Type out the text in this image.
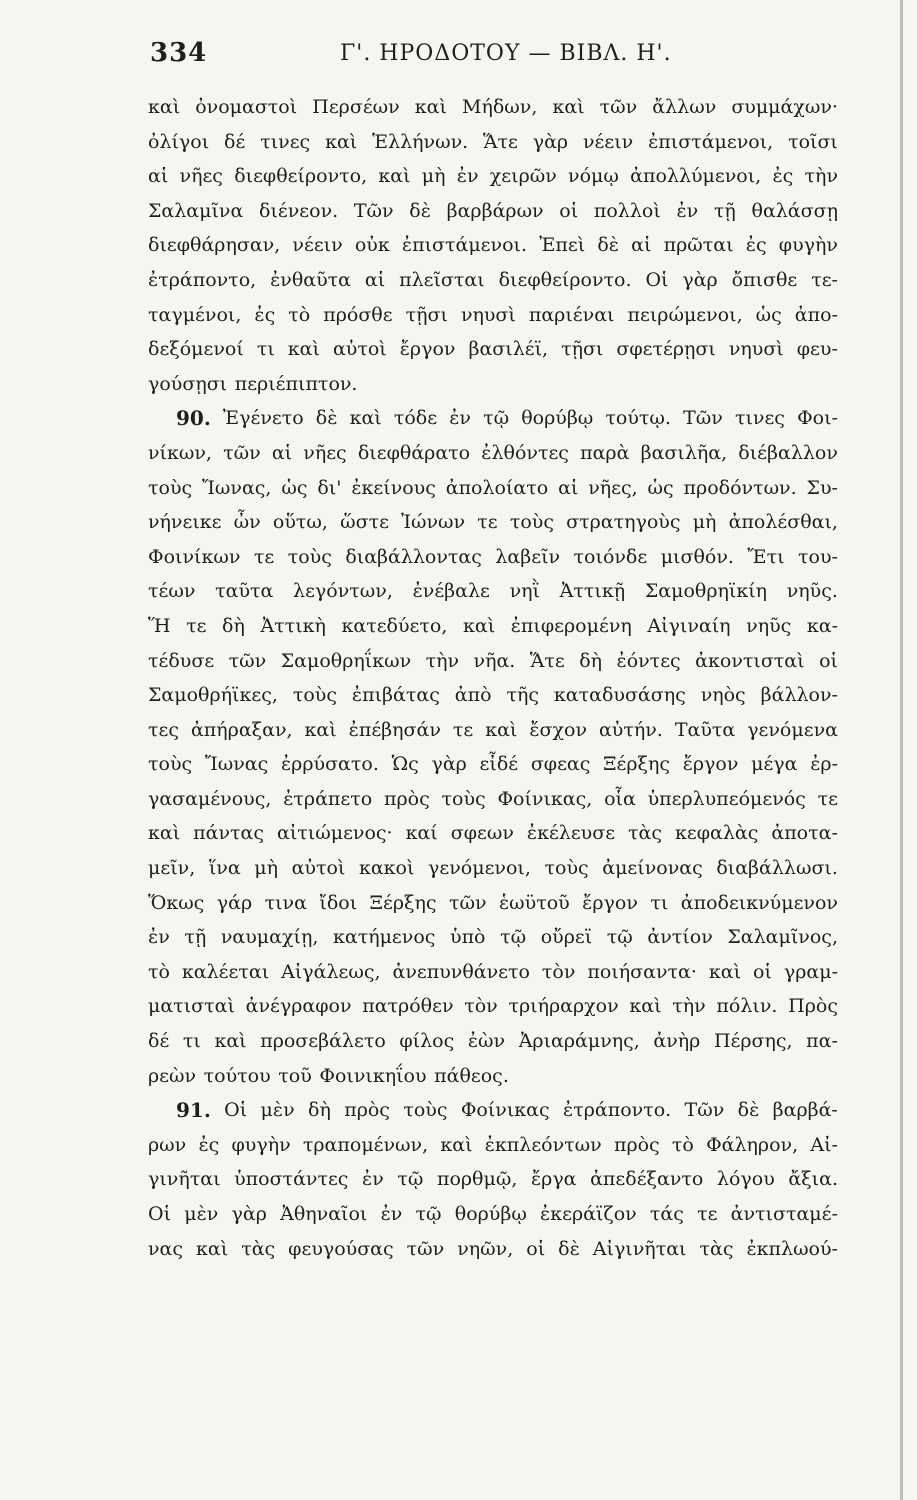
334	Γ'. ΗΡΟΔΟΤΟΥ — ΒΙΒΛ. Η'.
καὶ ὀνομαστοὶ Περσέων καὶ Μήδων, καὶ τῶν ἄλλων συμμάχων·
ὀλίγοι δέ τινες καὶ Ἑλλήνων. Ἅτε γὰρ νέειν ἐπιστάμενοι, τοῖσι
αἱ νῆες διεφθείροντο, καὶ μὴ ἐν χειρῶν νόμῳ ἀπολλύμενοι, ἐς τὴν
Σαλαμῖνα διένεον. Τῶν δὲ βαρβάρων οἱ πολλοὶ ἐν τῇ θαλάσσῃ
διεφθάρησαν, νέειν οὐκ ἐπιστάμενοι. Ἐπεὶ δὲ αἱ πρῶται ἐς φυγὴν
ἐτράποντο, ἐνθαῦτα αἱ πλεῖσται διεφθείροντο. Οἱ γὰρ ὄπισθε τε-
ταγμένοι, ἐς τὸ πρόσθε τῇσι νηυσὶ παριέναι πειρώμενοι, ὡς ἀπο-
δεξόμενοί τι καὶ αὐτοὶ ἔργον βασιλέϊ, τῇσι σφετέρῃσι νηυσὶ φευ-
γούσῃσι περιέπιπτον.
90. Ἐγένετο δὲ καὶ τόδε ἐν τῷ θορύβῳ τούτῳ. Τῶν τινες Φοι-
νίκων, τῶν αἱ νῆες διεφθάρατο ἐλθόντες παρὰ βασιλῆα, διέβαλλον
τοὺς Ἴωνας, ὡς δι' ἐκείνους ἀπολοίατο αἱ νῆες, ὡς προδόντων. Συ-
νήνεικε ὦν οὕτω, ὥστε Ἰώνων τε τοὺς στρατηγοὺς μὴ ἀπολέσθαι,
Φοινίκων τε τοὺς διαβάλλοντας λαβεῖν τοιόνδε μισθόν. Ἔτι του-
τέων ταῦτα λεγόντων, ἐνέβαλε νηῒ Ἀττικῇ Σαμοθρηϊκίη νηῦς.
Ἥ τε δὴ Ἀττικὴ κατεδύετο, καὶ ἐπιφερομένη Αἰγιναίη νηῦς κα-
τέδυσε τῶν Σαμοθρηΐκων τὴν νῆα. Ἅτε δὴ ἐόντες ἀκοντισταὶ οἱ
Σαμοθρήϊκες, τοὺς ἐπιβάτας ἀπὸ τῆς καταδυσάσης νηὸς βάλλον-
τες ἀπήραξαν, καὶ ἐπέβησάν τε καὶ ἔσχον αὐτήν. Ταῦτα γενόμενα
τοὺς Ἴωνας ἐρρύσατο. Ὡς γὰρ εἶδέ σφεας Ξέρξης ἔργον μέγα ἐρ-
γασαμένους, ἐτράπετο πρὸς τοὺς Φοίνικας, οἷα ὑπερλυπεόμενός τε
καὶ πάντας αἰτιώμενος· καί σφεων ἐκέλευσε τὰς κεφαλὰς ἀποτα-
μεῖν, ἵνα μὴ αὐτοὶ κακοὶ γενόμενοι, τοὺς ἀμείνονας διαβάλλωσι.
Ὅκως γάρ τινα ἴδοι Ξέρξης τῶν ἑωϋτοῦ ἔργον τι ἀποδεικνύμενον
ἐν τῇ ναυμαχίῃ, κατήμενος ὑπὸ τῷ οὔρεϊ τῷ ἀντίον Σαλαμῖνος,
τὸ καλέεται Αἰγάλεως, ἀνεπυνθάνετο τὸν ποιήσαντα· καὶ οἱ γραμ-
ματισταὶ ἀνέγραφον πατρόθεν τὸν τριήραρχον καὶ τὴν πόλιν. Πρὸς
δέ τι καὶ προσεβάλετο φίλος ἐὼν Ἀριαράμνης, ἀνὴρ Πέρσης, πα-
ρεὼν τούτου τοῦ Φοινικηΐου πάθεος.
91. Οἱ μὲν δὴ πρὸς τοὺς Φοίνικας ἐτράποντο. Τῶν δὲ βαρβά-
ρων ἐς φυγὴν τραπομένων, καὶ ἐκπλεόντων πρὸς τὸ Φάληρον, Αἰ-
γινῆται ὑποστάντες ἐν τῷ πορθμῷ, ἔργα ἀπεδέξαντο λόγου ἄξια.
Οἱ μὲν γὰρ Ἀθηναῖοι ἐν τῷ θορύβῳ ἐκεράϊζον τάς τε ἀντισταμέ-
νας καὶ τὰς φευγούσας τῶν νηῶν, οἱ δὲ Αἰγινῆται τὰς ἐκπλωού-
